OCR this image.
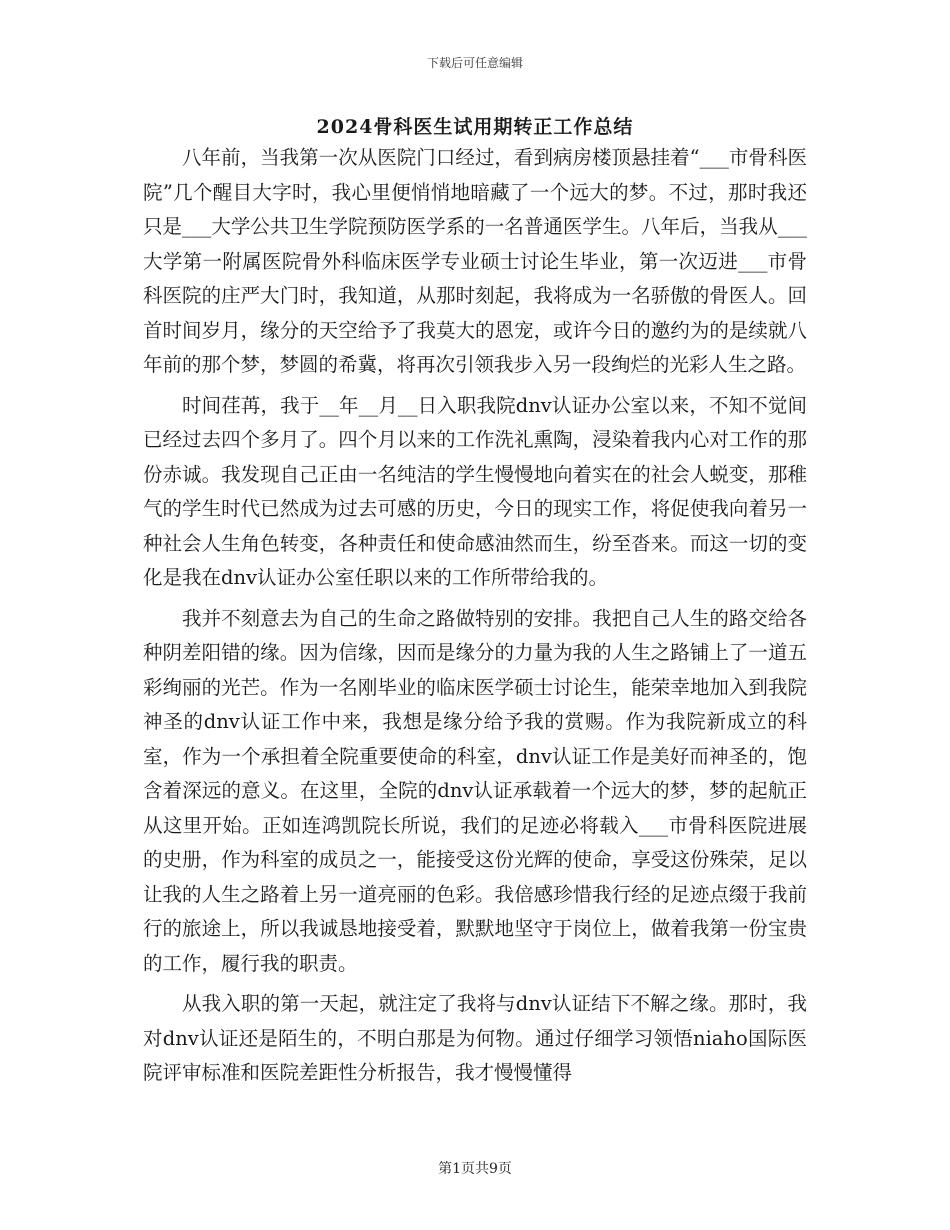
下载后可任意编辑
2024骨科医生试用期转正工作总结

八年前，当我第一次从医院门口经过，看到病房楼顶悬挂着“___市骨科医院”几个醒目大字时，我心里便悄悄地暗藏了一个远大的梦。不过，那时我还只是___大学公共卫生学院预防医学系的一名普通医学生。八年后，当我从___大学第一附属医院骨外科临床医学专业硕士讨论生毕业，第一次迈进___市骨科医院的庄严大门时，我知道，从那时刻起，我将成为一名骄傲的骨医人。回首时间岁月，缘分的天空给予了我莫大的恩宠，或许今日的邀约为的是续就八年前的那个梦，梦圆的希冀，将再次引领我步入另一段绚烂的光彩人生之路。

时间荏苒，我于__年__月__日入职我院dnv认证办公室以来，不知不觉间已经过去四个多月了。四个月以来的工作洗礼熏陶，浸染着我内心对工作的那份赤诚。我发现自己正由一名纯洁的学生慢慢地向着实在的社会人蜕变，那稚气的学生时代已然成为过去可感的历史，今日的现实工作，将促使我向着另一种社会人生角色转变，各种责任和使命感油然而生，纷至沓来。而这一切的变化是我在dnv认证办公室任职以来的工作所带给我的。

我并不刻意去为自己的生命之路做特别的安排。我把自己人生的路交给各种阴差阳错的缘。因为信缘，因而是缘分的力量为我的人生之路铺上了一道五彩绚丽的光芒。作为一名刚毕业的临床医学硕士讨论生，能荣幸地加入到我院神圣的dnv认证工作中来，我想是缘分给予我的赏赐。作为我院新成立的科室，作为一个承担着全院重要使命的科室，dnv认证工作是美好而神圣的，饱含着深远的意义。在这里，全院的dnv认证承载着一个远大的梦，梦的起航正从这里开始。正如连鸿凯院长所说，我们的足迹必将载入___市骨科医院进展的史册，作为科室的成员之一，能接受这份光辉的使命，享受这份殊荣，足以让我的人生之路着上另一道亮丽的色彩。我倍感珍惜我行经的足迹点缀于我前行的旅途上，所以我诚恳地接受着，默默地坚守于岗位上，做着我第一份宝贵的工作，履行我的职责。

从我入职的第一天起，就注定了我将与dnv认证结下不解之缘。那时，我对dnv认证还是陌生的，不明白那是为何物。通过仔细学习领悟niaho国际医院评审标准和医院差距性分析报告，我才慢慢懂得

第1页共9页
